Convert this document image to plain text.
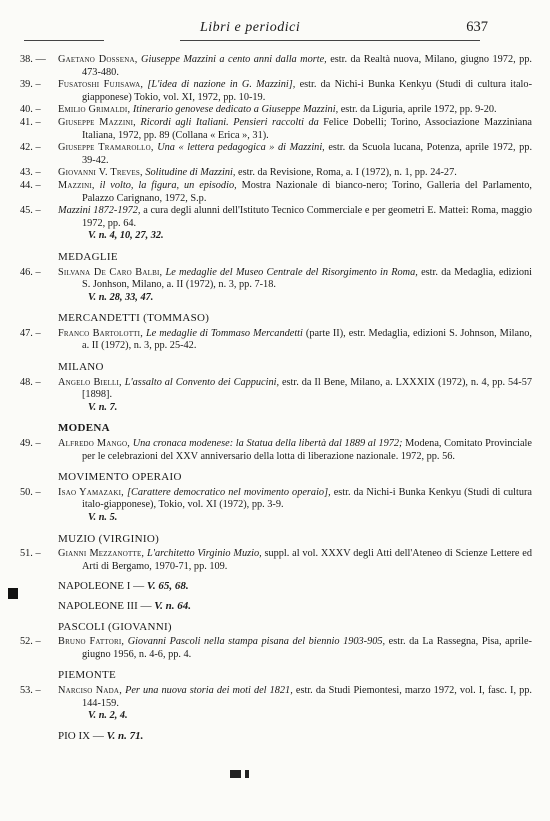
Libri e periodici	637
38. —	Gaetano Dossena, Giuseppe Mazzini a cento anni dalla morte, estr. da Realtà nuova, Milano, giugno 1972, pp. 473-480.
39. –	Fusatoshi Fujisawa, [L'idea di nazione in G. Mazzini], estr. da Nichi-i Bunka Kenkyu (Studi di cultura italo-giapponese) Tokio, vol. XI, 1972, pp. 10-19.
40. –	Emilio Grimaldi, Itinerario genovese dedicato a Giuseppe Mazzini, estr. da Liguria, aprile 1972, pp. 9-20.
41. –	Giuseppe Mazzini, Ricordi agli Italiani. Pensieri raccolti da Felice Dobelli; Torino, Associazione Mazziniana Italiana, 1972, pp. 89 (Collana « Erica », 31).
42. –	Giuseppe Tramarollo, Una « lettera pedagogica » di Mazzini, estr. da Scuola lucana, Potenza, aprile 1972, pp. 39-42.
43. –	Giovanni V. Treves, Solitudine di Mazzini, estr. da Revisione, Roma, a. I (1972), n. 1, pp. 24-27.
44. –	Mazzini, il volto, la figura, un episodio, Mostra Nazionale di bianco-nero; Torino, Galleria del Parlamento, Palazzo Carignano, 1972, S.p.
45. –	Mazzini 1872-1972, a cura degli alunni dell'Istituto Tecnico Commerciale e per geometri E. Mattei: Roma, maggio 1972, pp. 64.
V. n. 4, 10, 27, 32.
MEDAGLIE
46. –	Silvana De Caro Balbi, Le medaglie del Museo Centrale del Risorgimento in Roma, estr. da Medaglia, edizioni S. Jonhson, Milano, a. II (1972), n. 3, pp. 7-18.
V. n. 28, 33, 47.
MERCANDETTI (TOMMASO)
47. –	Franco Bartolotti, Le medaglie di Tommaso Mercandetti (parte II), estr. Medaglia, edizioni S. Johnson, Milano, a. II (1972), n. 3, pp. 25-42.
MILANO
48. –	Angelo Bielli, L'assalto al Convento dei Cappucini, estr. da Il Bene, Milano, a. LXXXIX (1972), n. 4, pp. 54-57 [1898].
V. n. 7.
MODENA
49. –	Alfredo Mango, Una cronaca modenese: la Statua della libertà dal 1889 al 1972; Modena, Comitato Provinciale per le celebrazioni del XXV anniversario della lotta di liberazione nazionale. 1972, pp. 56.
MOVIMENTO OPERAIO
50. –	Isao Yamazaki, [Carattere democratico nel movimento operaio], estr. da Nichi-i Bunka Kenkyu (Studi di cultura italo-giapponese), Tokio, vol. XI (1972), pp. 3-9.
V. n. 5.
MUZIO (VIRGINIO)
51. –	Gianni Mezzanotte, L'architetto Virginio Muzio, suppl. al vol. XXXV degli Atti dell'Ateneo di Scienze Lettere ed Arti di Bergamo, 1970-71, pp. 109.
NAPOLEONE I — V. 65, 68.
NAPOLEONE III — V. n. 64.
PASCOLI (GIOVANNI)
52. –	Bruno Fattori, Giovanni Pascoli nella stampa pisana del biennio 1903-905, estr. da La Rassegna, Pisa, aprile-giugno 1956, n. 4-6, pp. 4.
PIEMONTE
53. –	Narciso Nada, Per una nuova storia dei moti del 1821, estr. da Studi Piemontesi, marzo 1972, vol. I, fasc. I, pp. 144-159.
V. n. 2, 4.
PIO IX — V. n. 71.
